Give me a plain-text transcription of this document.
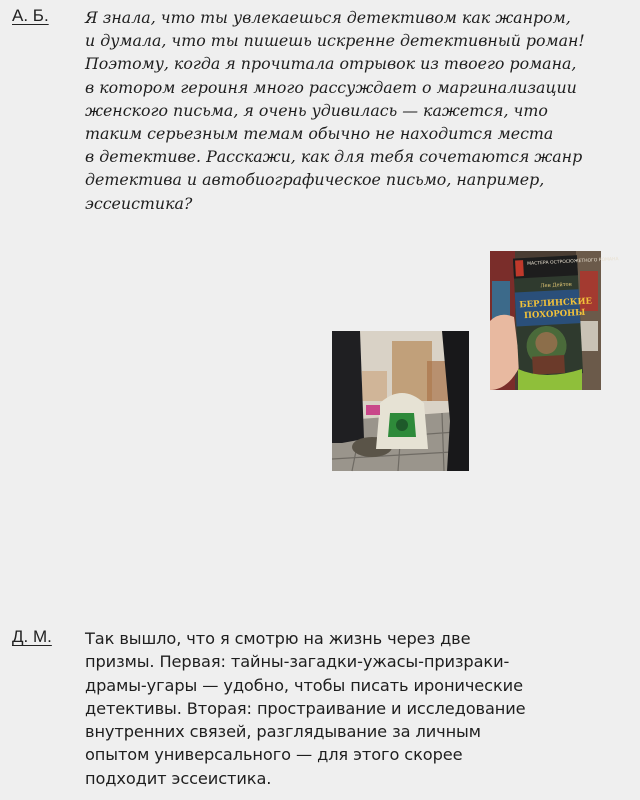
А. Б. Я знала, что ты увлекаешься детективом как жанром,
и думала, что ты пишешь искренне детективный роман!
Поэтому, когда я прочитала отрывок из твоего романа,
в котором героиня много рассуждает о маргинализации
женского письма, я очень удивилась — кажется, что
таким серьезным темам обычно не находится места
в детективе. Расскажи, как для тебя сочетаются жанр
детектива и автобиографическое письмо, например,
эссеистика?

МАСТЕРА ОСТРОСЮЖЕТНОГО РОМАНА
Лен Дейтон
БЕРЛИНСКИЕ
ПОХОРОНЫ
Д. М. Так вышло, что я смотрю на жизнь через две
призмы. Первая: тайны-загадки-ужасы-призраки-
драмы-угары — удобно, чтобы писать иронические
детективы. Вторая: простраивание и исследование
внутренних связей, разглядывание за личным
опытом универсального — для этого скорее
подходит эссеистика.
